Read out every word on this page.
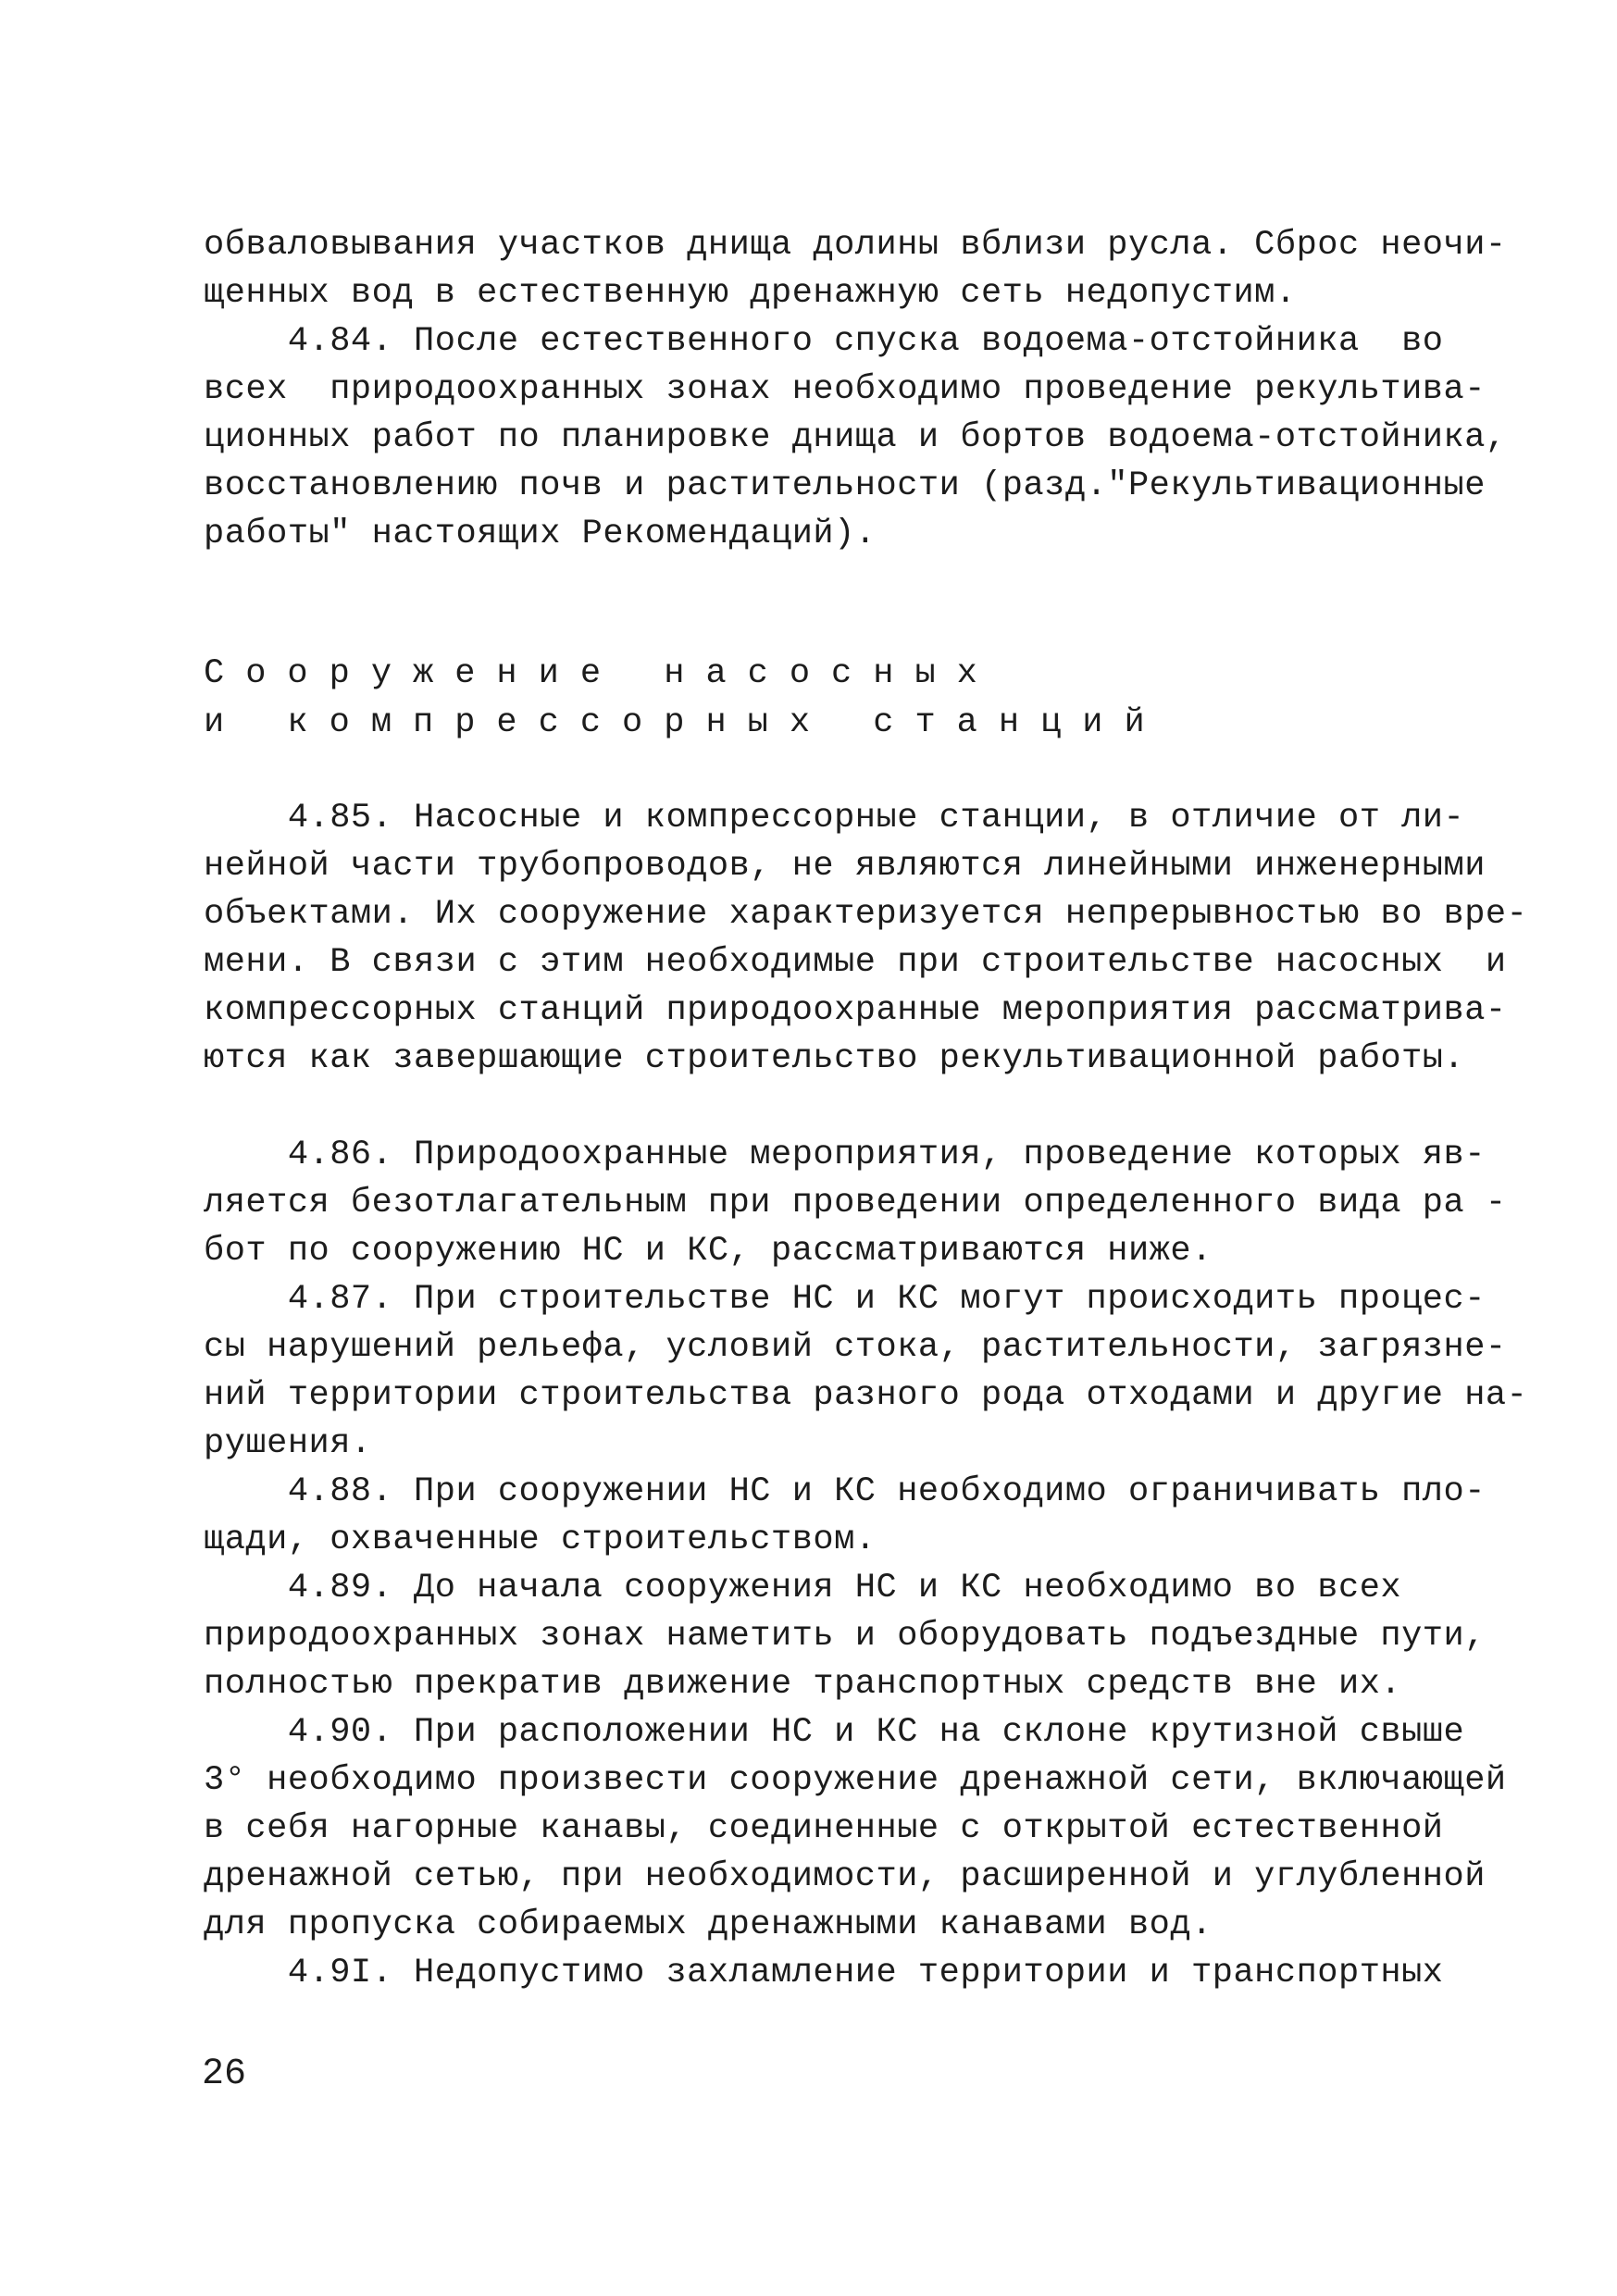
обваловывания участков днища долины вблизи русла. Сброс неочи-
щенных вод в естественную дренажную сеть недопустим.
4.84. После естественного спуска водоема-отстойника  во
всех  природоохранных зонах необходимо проведение рекультива-
ционных работ по планировке днища и бортов водоема-отстойника,
восстановлению почв и растительности (разд."Рекультивационные
работы" настоящих Рекомендаций).
Сооружение насосных
и компрессорных станций
4.85. Насосные и компрессорные станции, в отличие от ли-
нейной части трубопроводов, не являются линейными инженерными
объектами. Их сооружение характеризуется непрерывностью во вре-
мени. В связи с этим необходимые при строительстве насосных  и
компрессорных станций природоохранные мероприятия рассматрива-
ются как завершающие строительство рекультивационной работы.
4.86. Природоохранные мероприятия, проведение которых яв-
ляется безотлагательным при проведении определенного вида ра -
бот по сооружению НС и КС, рассматриваются ниже.
4.87. При строительстве НС и КС могут происходить процес-
сы нарушений рельефа, условий стока, растительности, загрязне-
ний территории строительства разного рода отходами и другие на-
рушения.
4.88. При сооружении НС и КС необходимо ограничивать пло-
щади, охваченные строительством.
4.89. До начала сооружения НС и КС необходимо во всех
природоохранных зонах наметить и оборудовать подъездные пути,
полностью прекратив движение транспортных средств вне их.
4.90. При расположении НС и КС на склоне крутизной свыше
3° необходимо произвести сооружение дренажной сети, включающей
в себя нагорные канавы, соединенные с открытой естественной
дренажной сетью, при необходимости, расширенной и углубленной
для пропуска собираемых дренажными канавами вод.
4.9I. Недопустимо захламление территории и транспортных
26
